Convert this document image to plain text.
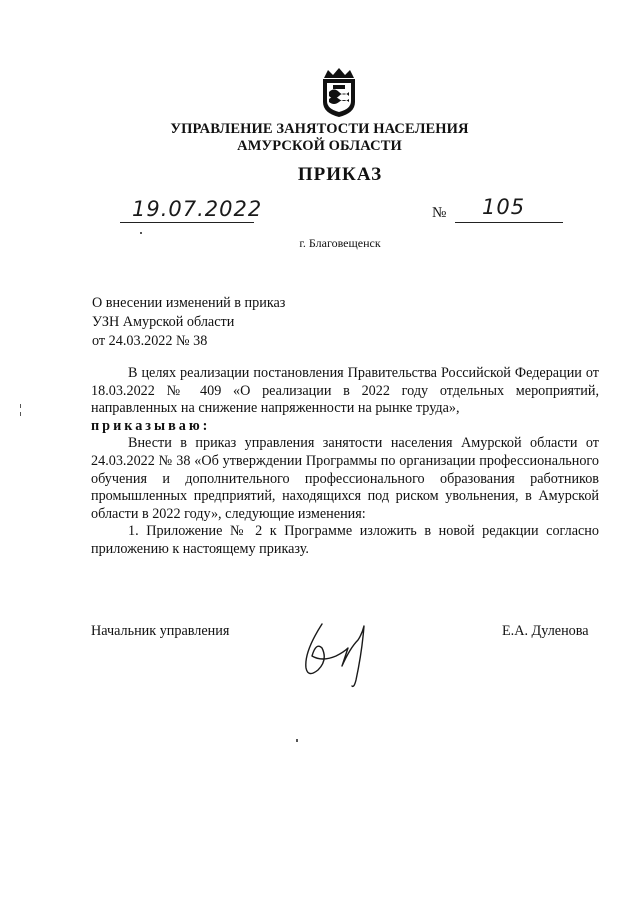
УПРАВЛЕНИЕ ЗАНЯТОСТИ НАСЕЛЕНИЯ
АМУРСКОЙ ОБЛАСТИ
ПРИКАЗ
19.07.2022	№ 105
г. Благовещенск
О внесении изменений в приказ
УЗН Амурской области
от 24.03.2022 № 38

В целях реализации постановления Правительства Российской Федерации от 18.03.2022 № 409 «О реализации в 2022 году отдельных мероприятий, направленных на снижение напряженности на рынке труда»,

приказываю:

Внести в приказ управления занятости населения Амурской области от 24.03.2022 № 38 «Об утверждении Программы по организации профессионального обучения и дополнительного профессионального образования работников промышленных предприятий, находящихся под риском увольнения, в Амурской области в 2022 году», следующие изменения:

1. Приложение № 2 к Программе изложить в новой редакции согласно приложению к настоящему приказу.

Начальник управления	Е.А. Дуленова
